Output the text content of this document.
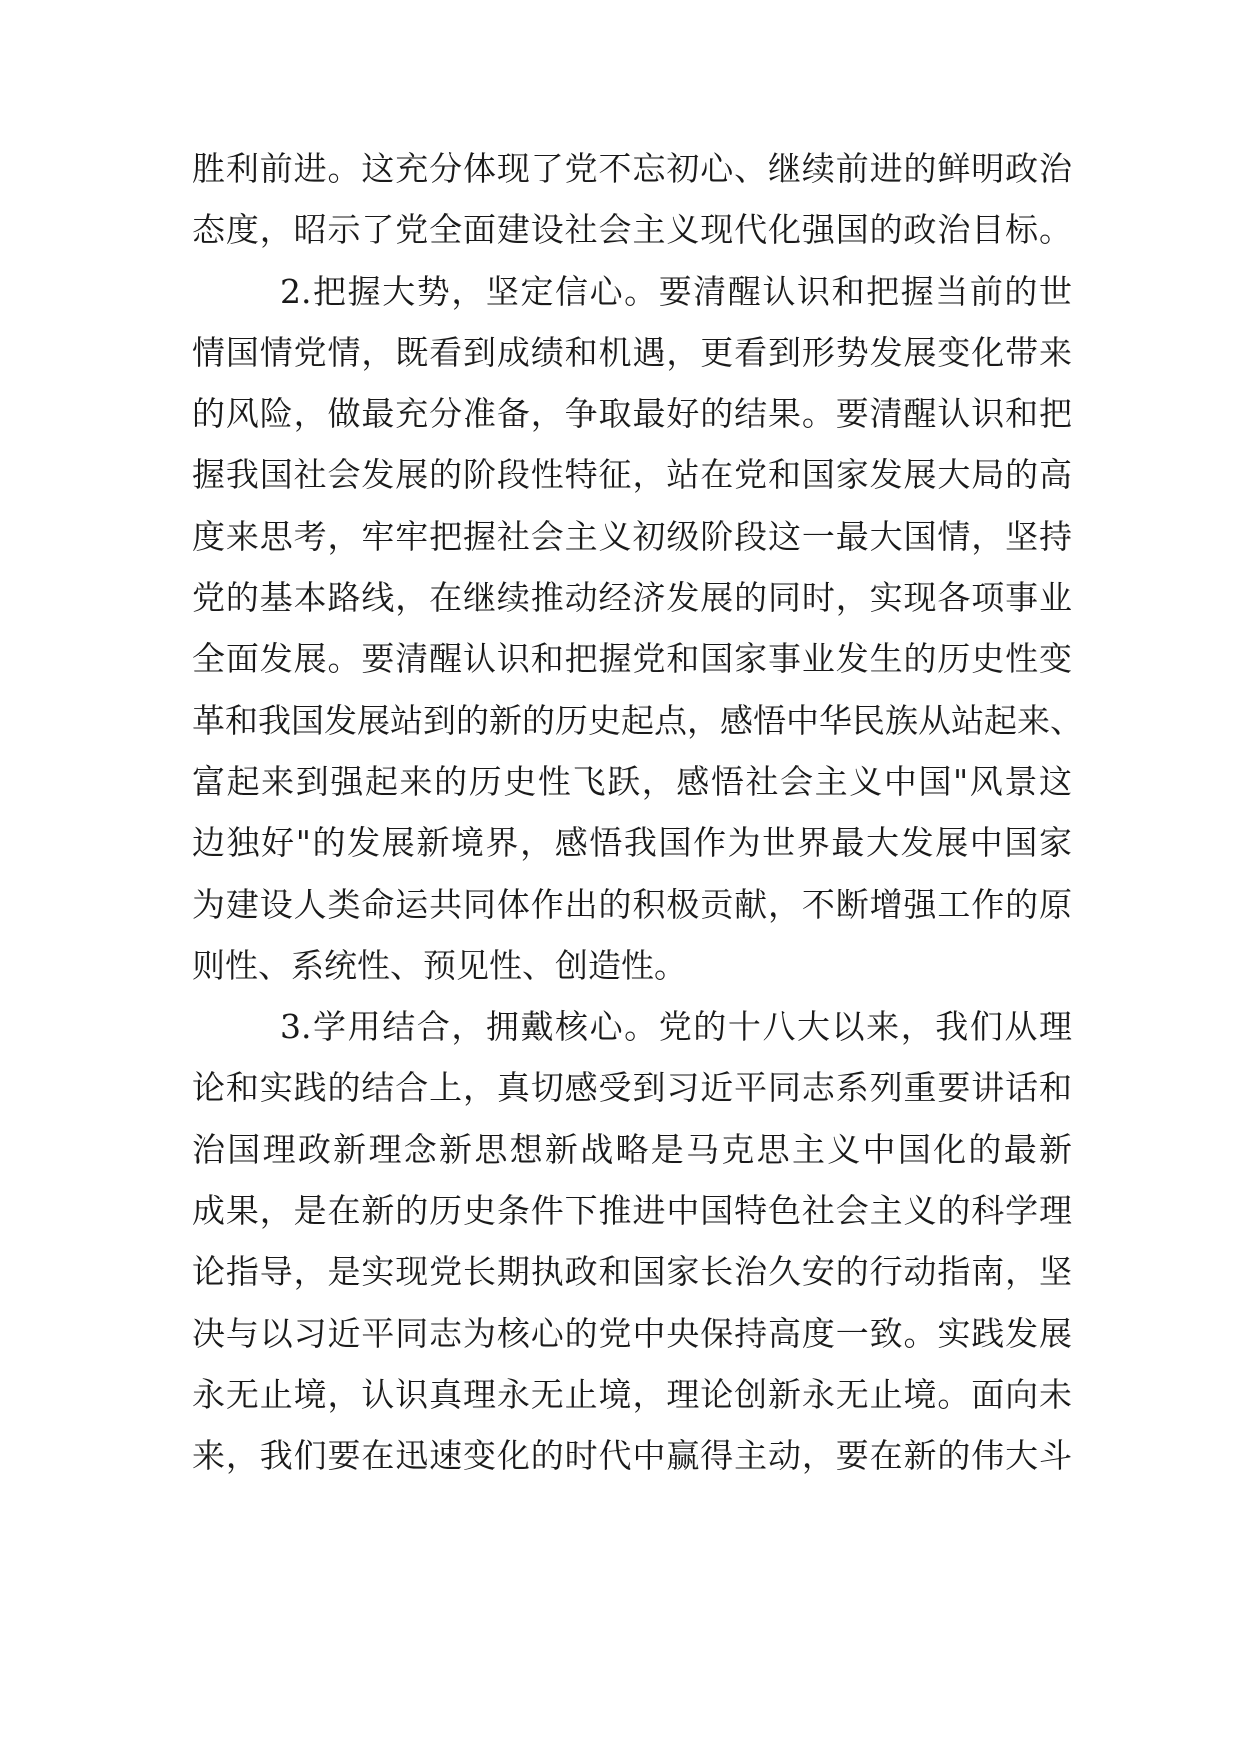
胜利前进。这充分体现了党不忘初心、继续前进的鲜明政治
态度，昭示了党全面建设社会主义现代化强国的政治目标。
2.把握大势，坚定信心。要清醒认识和把握当前的世
情国情党情，既看到成绩和机遇，更看到形势发展变化带来
的风险，做最充分准备，争取最好的结果。要清醒认识和把
握我国社会发展的阶段性特征，站在党和国家发展大局的高
度来思考，牢牢把握社会主义初级阶段这一最大国情，坚持
党的基本路线，在继续推动经济发展的同时，实现各项事业
全面发展。要清醒认识和把握党和国家事业发生的历史性变
革和我国发展站到的新的历史起点，感悟中华民族从站起来、
富起来到强起来的历史性飞跃，感悟社会主义中国"风景这
边独好"的发展新境界，感悟我国作为世界最大发展中国家
为建设人类命运共同体作出的积极贡献，不断增强工作的原
则性、系统性、预见性、创造性。
3.学用结合，拥戴核心。党的十八大以来，我们从理
论和实践的结合上，真切感受到习近平同志系列重要讲话和
治国理政新理念新思想新战略是马克思主义中国化的最新
成果，是在新的历史条件下推进中国特色社会主义的科学理
论指导，是实现党长期执政和国家长治久安的行动指南，坚
决与以习近平同志为核心的党中央保持高度一致。实践发展
永无止境，认识真理永无止境，理论创新永无止境。面向未
来，我们要在迅速变化的时代中赢得主动，要在新的伟大斗
